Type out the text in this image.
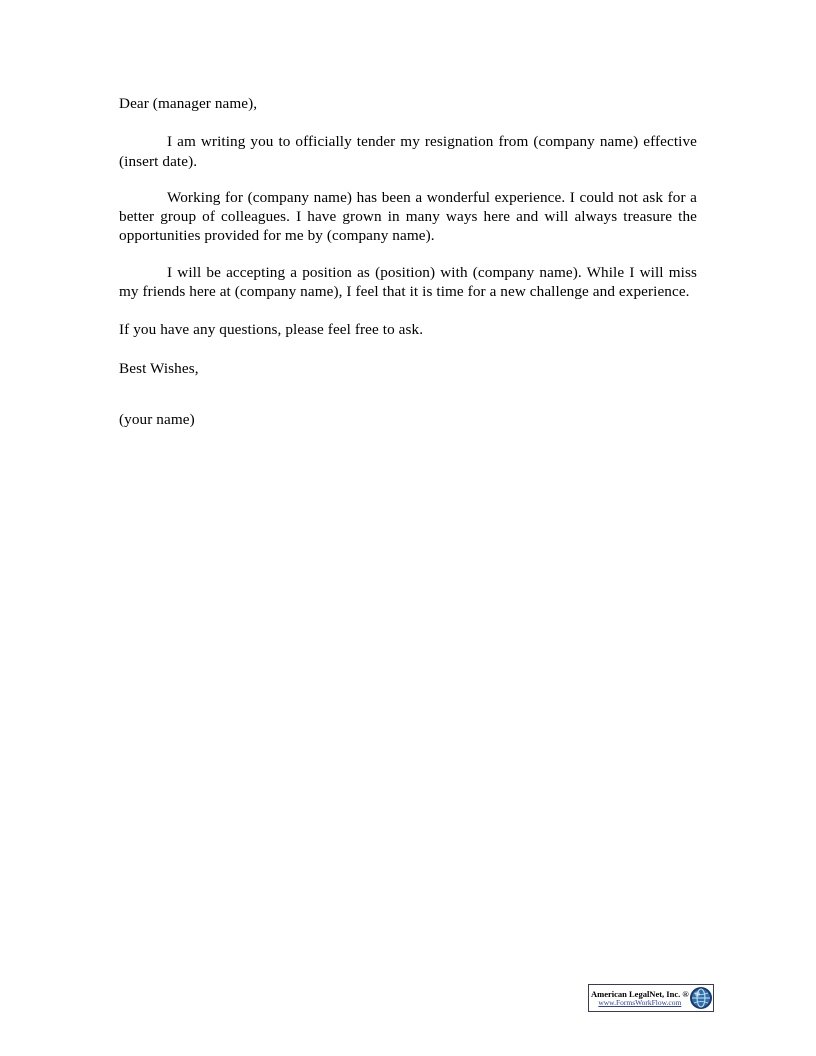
Dear (manager name),

I am writing you to officially tender my resignation from (company name) effective (insert date).

Working for (company name) has been a wonderful experience. I could not ask for a better group of colleagues. I have grown in many ways here and will always treasure the opportunities provided for me by (company name).

I will be accepting a position as (position) with (company name). While I will miss my friends here at (company name), I feel that it is time for a new challenge and experience.

If you have any questions, please feel free to ask.

Best Wishes,

(your name)

American LegalNet, Inc. ®
www.FormsWorkFlow.com
